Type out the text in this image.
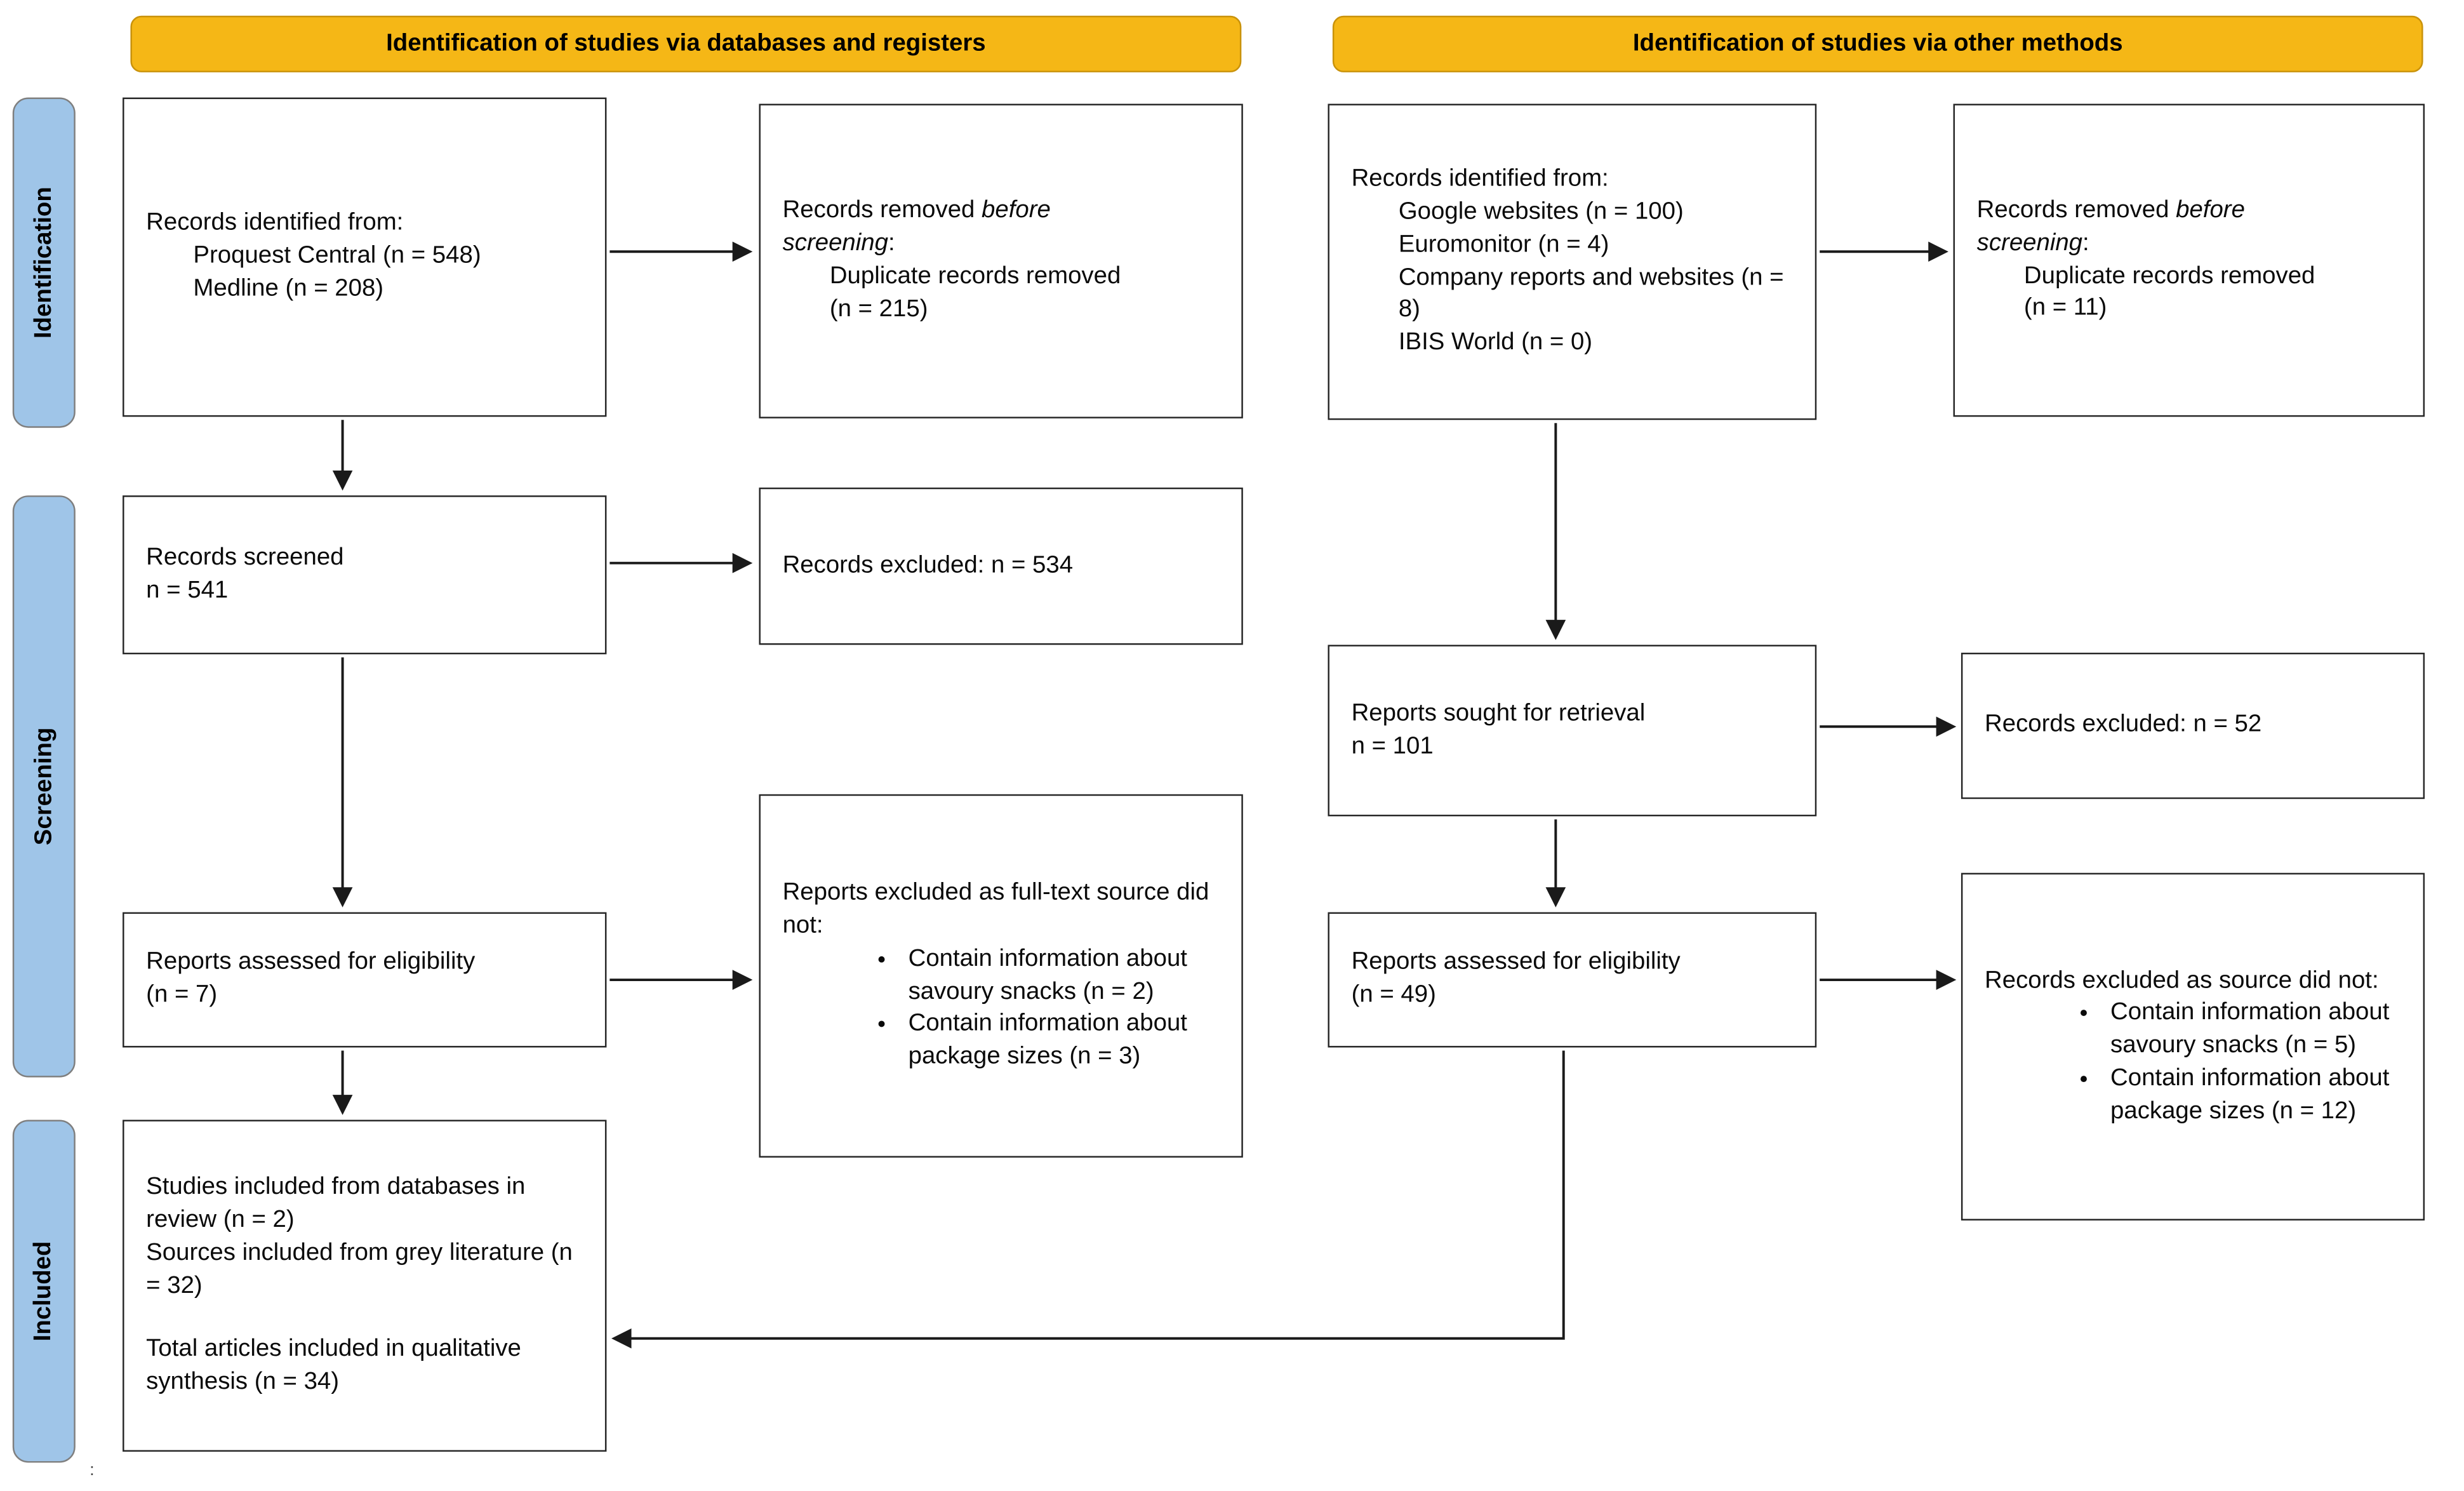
Identification of studies via databases and registers	Identification of studies via other methods
Identification
Screening
Included

Records identified from:

Proquest Central (n = 548)

Medline (n = 208)

Records removed before

screening:

Duplicate records removed

(n = 215)

Records screened

n = 541

Records excluded: n = 534

Reports assessed for eligibility

(n = 7)

Reports excluded as full-text source did not:

• Contain information about savoury snacks (n = 2)
• Contain information about package sizes (n = 3)

Studies included from databases in review (n = 2)

Sources included from grey literature (n = 32)

Total articles included in qualitative synthesis (n = 34)

Records identified from:

Google websites (n = 100)

Euromonitor (n = 4)

Company reports and websites (n = 8)

IBIS World (n = 0)

Records removed before

screening:

Duplicate records removed

(n = 11)

Reports sought for retrieval

n = 101

Records excluded: n = 52

Reports assessed for eligibility

(n = 49)

Records excluded as source did not:

• Contain information about savoury snacks (n = 5)
• Contain information about package sizes (n = 12)
:
